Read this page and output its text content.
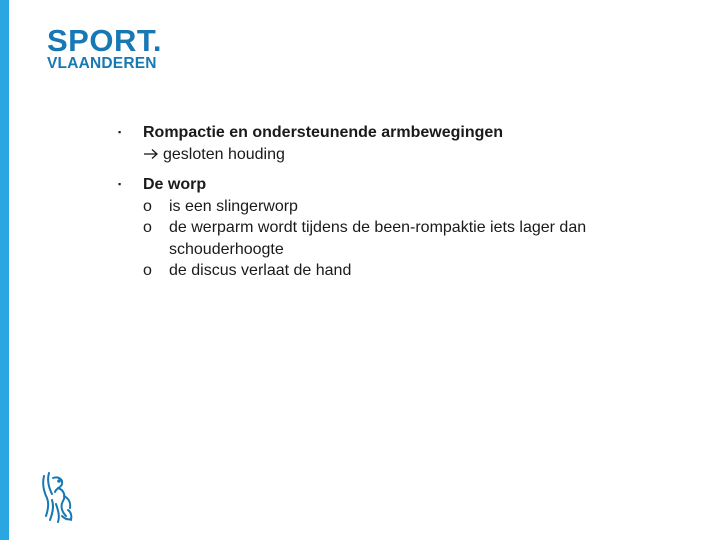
SPORT.
VLAANDEREN
▪	Rompactie en ondersteunende armbewegingen
gesloten houding
▪	De worp
o	is een slingerworp
o	de werparm wordt tijdens de been-rompaktie iets lager dan schouderhoogte
o	de discus verlaat de hand
